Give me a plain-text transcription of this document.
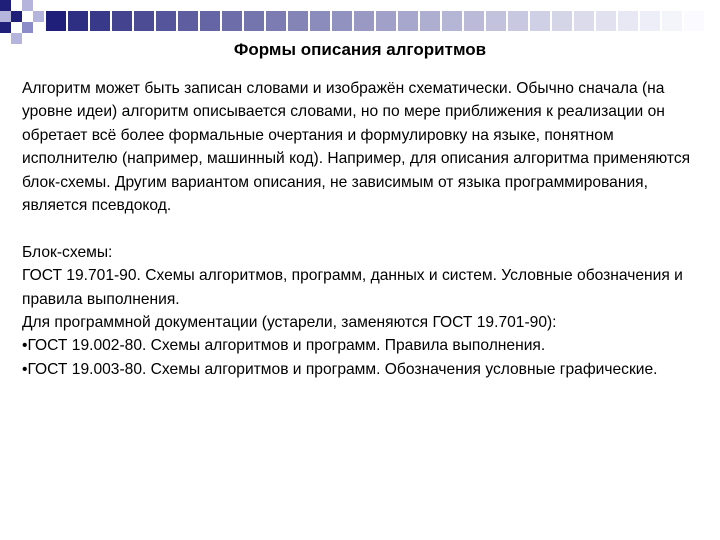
Формы описания алгоритмов

Алгоритм может быть записан словами и изображён схематически. Обычно сначала (на уровне идеи) алгоритм описывается словами, но по мере приближения к реализации он обретает всё более формальные очертания и формулировку на языке, понятном исполнителю (например, машинный код). Например, для описания алгоритма применяются блок-схемы. Другим вариантом описания, не зависимым от языка программирования, является псевдокод.

Блок-схемы:

ГОСТ 19.701-90. Схемы алгоритмов, программ, данных и систем. Условные обозначения и правила выполнения.

Для программной документации (устарели, заменяются ГОСТ 19.701-90):

• ГОСТ 19.002-80. Схемы алгоритмов и программ. Правила выполнения.

• ГОСТ 19.003-80. Схемы алгоритмов и программ. Обозначения условные графические.
